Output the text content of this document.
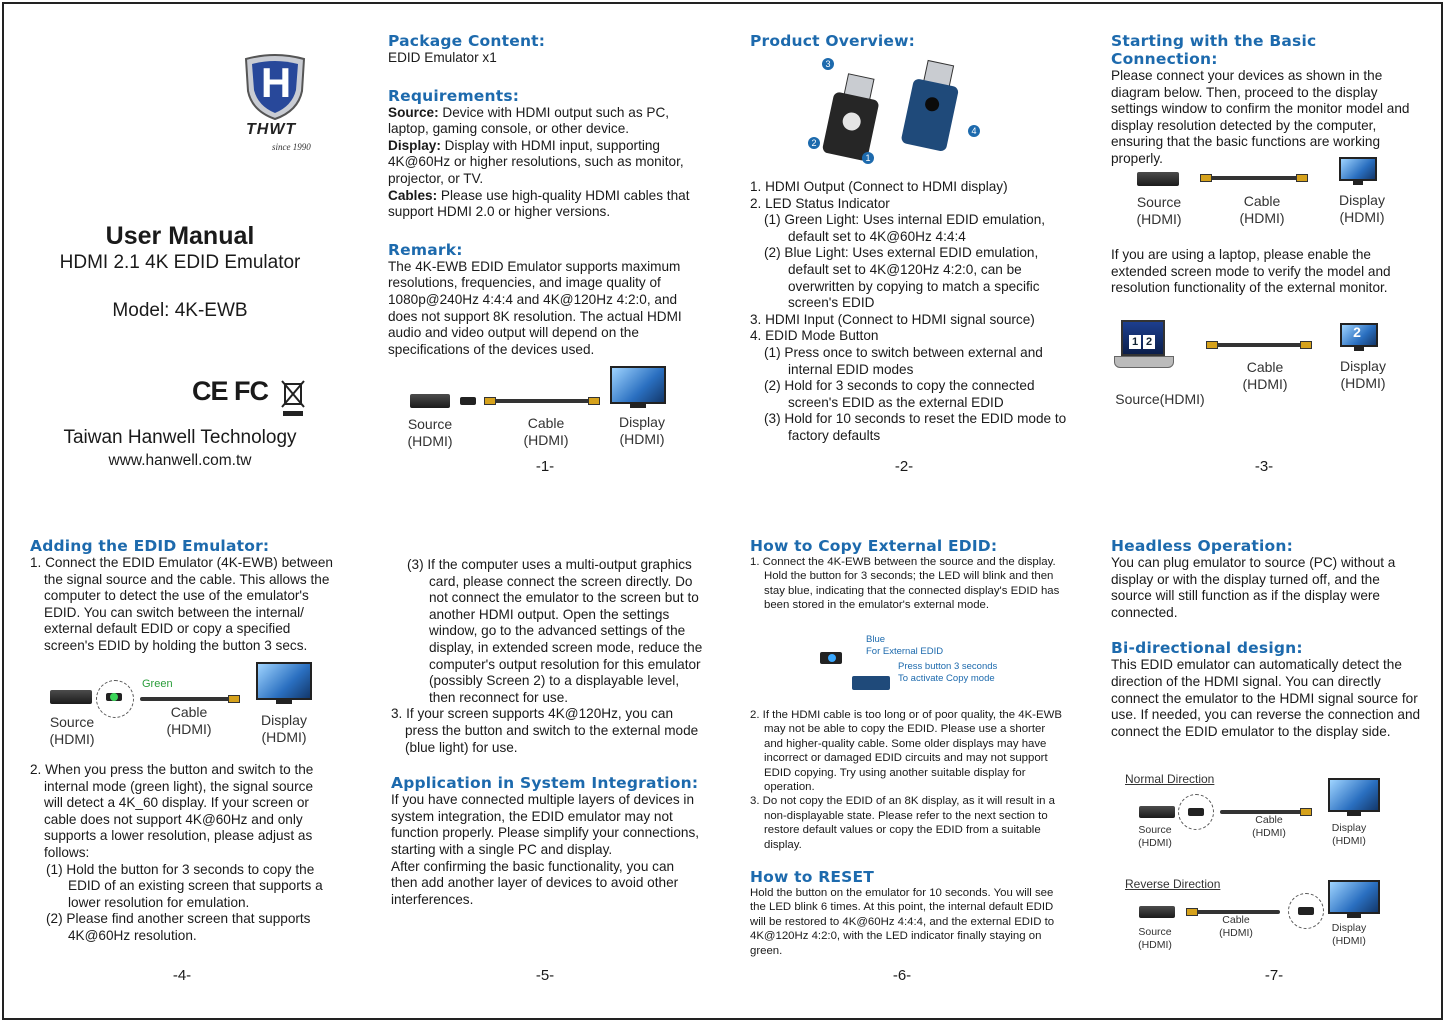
H
THWT
since 1990
User Manual
HDMI 2.1 4K EDID Emulator
Model: 4K-EWB
CE FC
Taiwan Hanwell Technology
www.hanwell.com.tw
Package Content:
EDID Emulator x1
Requirements:
Source: Device with HDMI output such as PC, laptop, gaming console, or other device.
Display: Display with HDMI input, supporting 4K@60Hz or higher resolutions, such as monitor, projector, or TV.
Cables: Please use high-quality HDMI cables that support HDMI 2.0 or higher versions.
Remark:
The 4K-EWB EDID Emulator supports maximum resolutions, frequencies, and image quality of 1080p@240Hz 4:4:4 and 4K@120Hz 4:2:0, and does not support 8K resolution. The actual HDMI audio and video output will depend on the specifications of the devices used.
Source
(HDMI)
Cable
(HDMI)
Display
(HDMI)
-1-
Product Overview:
3
2
1
4
1. HDMI Output (Connect to HDMI display)
2. LED Status Indicator
(1) Green Light: Uses internal EDID emulation, default set to 4K@60Hz 4:4:4
(2) Blue Light: Uses external EDID emulation, default set to 4K@120Hz 4:2:0, can be overwritten by copying to match a specific screen's EDID
3. HDMI Input (Connect to HDMI signal source)
4. EDID Mode Button
(1) Press once to switch between external and internal EDID modes
(2) Hold for 3 seconds to copy the connected screen's EDID as the external EDID
(3) Hold for 10 seconds to reset the EDID mode to factory defaults
-2-
Starting with the Basic Connection:
Please connect your devices as shown in the diagram below. Then, proceed to the display settings window to confirm the monitor model and display resolution detected by the computer, ensuring that the basic functions are working properly.
Source
(HDMI)
Cable
(HDMI)
Display
(HDMI)
If you are using a laptop, please enable the extended screen mode to verify the model and resolution functionality of the external monitor.
1 2
2
Source(HDMI)
Cable
(HDMI)
Display
(HDMI)
-3-
Adding the EDID Emulator:
1. Connect the EDID Emulator (4K-EWB) between the signal source and the cable. This allows the computer to detect the use of the emulator's EDID. You can switch between the internal/ external default EDID or copy a specified screen's EDID by holding the button 3 secs.
Green
Source
(HDMI)
Cable
(HDMI)
Display
(HDMI)
2. When you press the button and switch to the internal mode (green light), the signal source will detect a 4K_60 display. If your screen or cable does not support 4K@60Hz and only supports a lower resolution, please adjust as follows:
(1) Hold the button for 3 seconds to copy the EDID of an existing screen that supports a lower resolution for emulation.
(2) Please find another screen that supports 4K@60Hz resolution.
-4-
(3) If the computer uses a multi-output graphics card, please connect the screen directly. Do not connect the emulator to the screen but to another HDMI output. Open the settings window, go to the advanced settings of the display, in extended screen mode, reduce the computer's output resolution for this emulator (possibly Screen 2) to a displayable level, then reconnect for use.
3. If your screen supports 4K@120Hz, you can press the button and switch to the external mode (blue light) for use.
Application in System Integration:
If you have connected multiple layers of devices in system integration, the EDID emulator may not function properly. Please simplify your connections, starting with a single PC and display.
After confirming the basic functionality, you can then add another layer of devices to avoid other interferences.
-5-
How to Copy External EDID:
1. Connect the 4K-EWB between the source and the display. Hold the button for 3 seconds; the LED will blink and then stay blue, indicating that the connected display's EDID has been stored in the emulator's external mode.
Blue
For External EDID
Press button 3 seconds
To activate Copy mode
2. If the HDMI cable is too long or of poor quality, the 4K-EWB may not be able to copy the EDID. Please use a shorter and higher-quality cable. Some older displays may have incorrect or damaged EDID circuits and may not support EDID copying. Try using another suitable display for operation.
3. Do not copy the EDID of an 8K display, as it will result in a non-displayable state. Please refer to the next section to restore default values or copy the EDID from a suitable display.
How to RESET
Hold the button on the emulator for 10 seconds. You will see the LED blink 6 times. At this point, the internal default EDID will be restored to 4K@60Hz 4:4:4, and the external EDID to 4K@120Hz 4:2:0, with the LED indicator finally staying on green.
-6-
Headless Operation:
You can plug emulator to source (PC) without a display or with the display turned off, and the source will still function as if the display were connected.
Bi-directional design:
This EDID emulator can automatically detect the direction of the HDMI signal. You can directly connect the emulator to the HDMI signal source for use. If needed, you can reverse the connection and connect the EDID emulator to the display side.
Normal Direction
Source
(HDMI)
Cable
(HDMI)	Display
(HDMI)
Reverse Direction
Source
(HDMI)
Cable
(HDMI)	Display
(HDMI)
-7-
